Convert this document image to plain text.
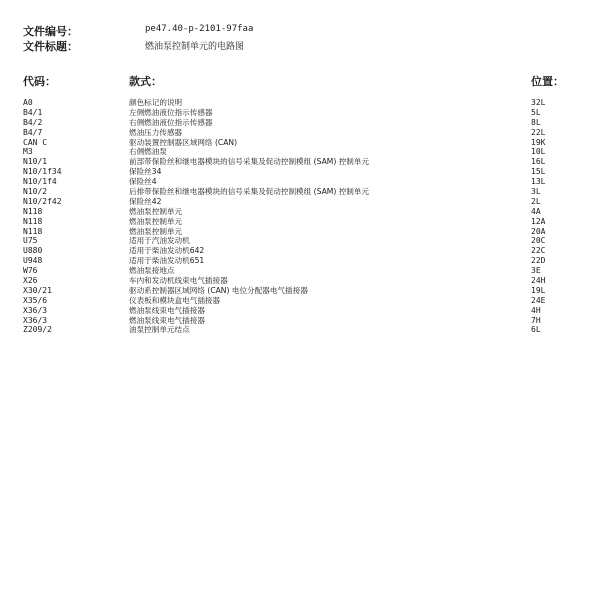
文件编号：	pe47.40-p-2101-97faa
文件标题：	燃油泵控制单元的电路图
代码：	款式：	位置：
A0	颜色标记的说明	32L
B4/1	左侧燃油液位指示传感器	5L
B4/2	右侧燃油液位指示传感器	8L
B4/7	燃油压力传感器	22L
CAN C	驱动装置控制器区域网络 (CAN)	19K
M3	右侧燃油泵	10L
N10/1	前部带保险丝和继电器模块的信号采集及促动控制模组 (SAM) 控制单元	16L
N10/1f34	保险丝34	15L
N10/1f4	保险丝4	13L
N10/2	后排带保险丝和继电器模块的信号采集及促动控制模组 (SAM) 控制单元	3L
N10/2f42	保险丝42	2L
N118	燃油泵控制单元	4A
N118	燃油泵控制单元	12A
N118	燃油泵控制单元	20A
U75	适用于汽油发动机	20C
U880	适用于柴油发动机642	22C
U948	适用于柴油发动机651	22D
W76	燃油泵接地点	3E
X26	车内和发动机线束电气插接器	24H
X30/21	驱动系控制器区域网络 (CAN) 电位分配器电气插接器	19L
X35/6	仪表板和模块盒电气插接器	24E
X36/3	燃油泵线束电气插接器	4H
X36/3	燃油泵线束电气插接器	7H
Z209/2	油泵控制单元结点	6L
